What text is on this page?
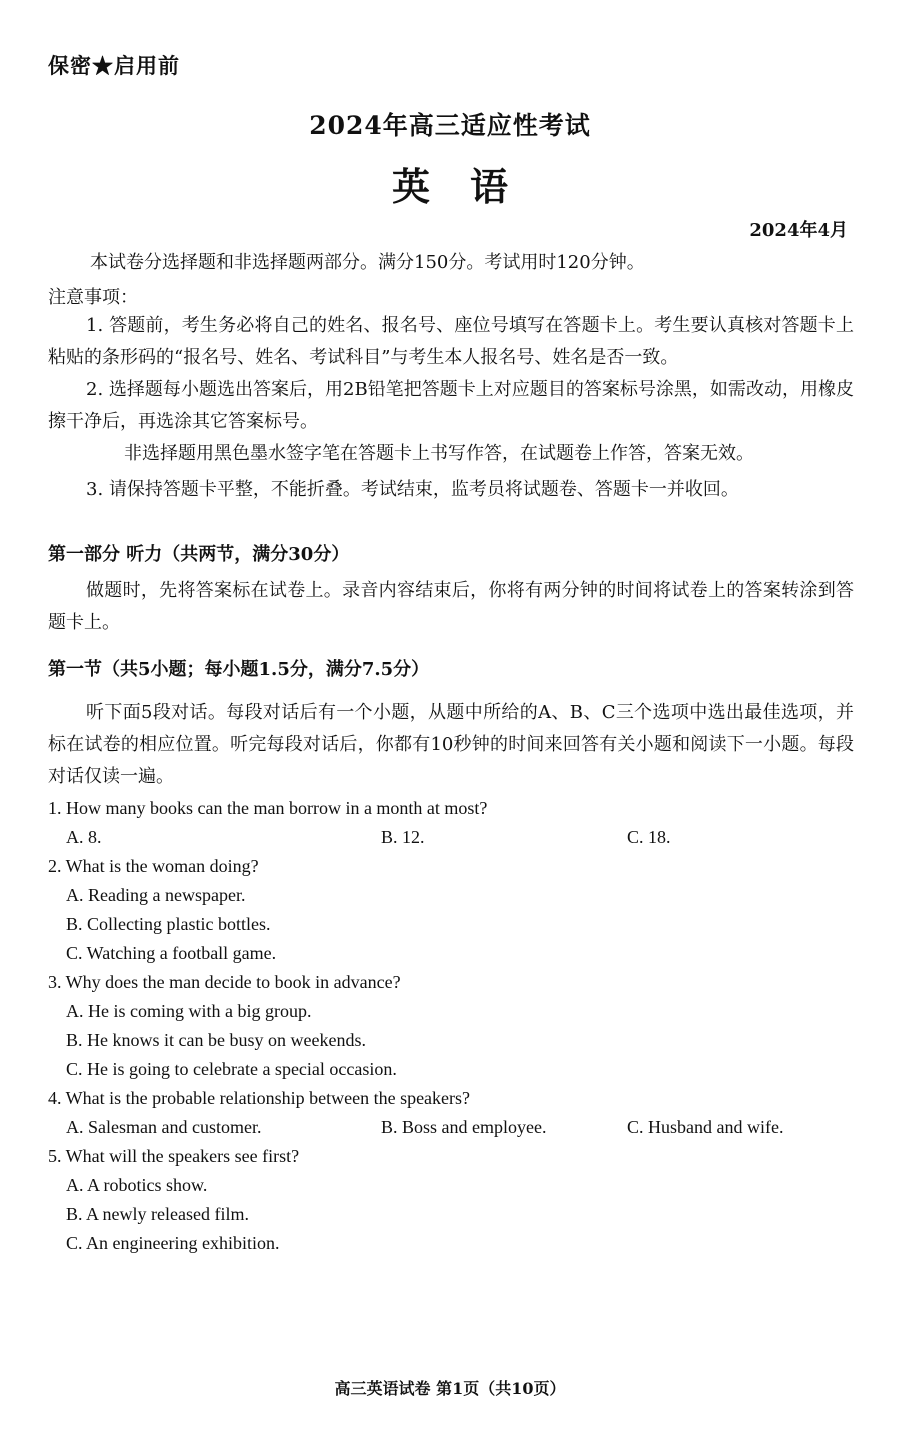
保密★启用前
2024年高三适应性考试
英语
2024年4月
本试卷分选择题和非选择题两部分。满分150分。考试用时120分钟。
注意事项：
1. 答题前，考生务必将自己的姓名、报名号、座位号填写在答题卡上。考生要认真核对答题卡上粘贴的条形码的“报名号、姓名、考试科目”与考生本人报名号、姓名是否一致。
2. 选择题每小题选出答案后，用2B铅笔把答题卡上对应题目的答案标号涂黑，如需改动，用橡皮擦干净后，再选涂其它答案标号。
非选择题用黑色墨水签字笔在答题卡上书写作答，在试题卷上作答，答案无效。
3. 请保持答题卡平整，不能折叠。考试结束，监考员将试题卷、答题卡一并收回。
第一部分 听力（共两节，满分30分）
做题时，先将答案标在试卷上。录音内容结束后，你将有两分钟的时间将试卷上的答案转涂到答题卡上。
第一节（共5小题；每小题1.5分，满分7.5分）
听下面5段对话。每段对话后有一个小题，从题中所给的A、B、C三个选项中选出最佳选项，并标在试卷的相应位置。听完每段对话后，你都有10秒钟的时间来回答有关小题和阅读下一小题。每段对话仅读一遍。
1. How many books can the man borrow in a month at most?
A. 8.	B. 12.	C. 18.
2. What is the woman doing?
A. Reading a newspaper.
B. Collecting plastic bottles.
C. Watching a football game.
3. Why does the man decide to book in advance?
A. He is coming with a big group.
B. He knows it can be busy on weekends.
C. He is going to celebrate a special occasion.
4. What is the probable relationship between the speakers?
A. Salesman and customer.	B. Boss and employee.	C. Husband and wife.
5. What will the speakers see first?
A. A robotics show.
B. A newly released film.
C. An engineering exhibition.
高三英语试卷 第1页（共10页）
